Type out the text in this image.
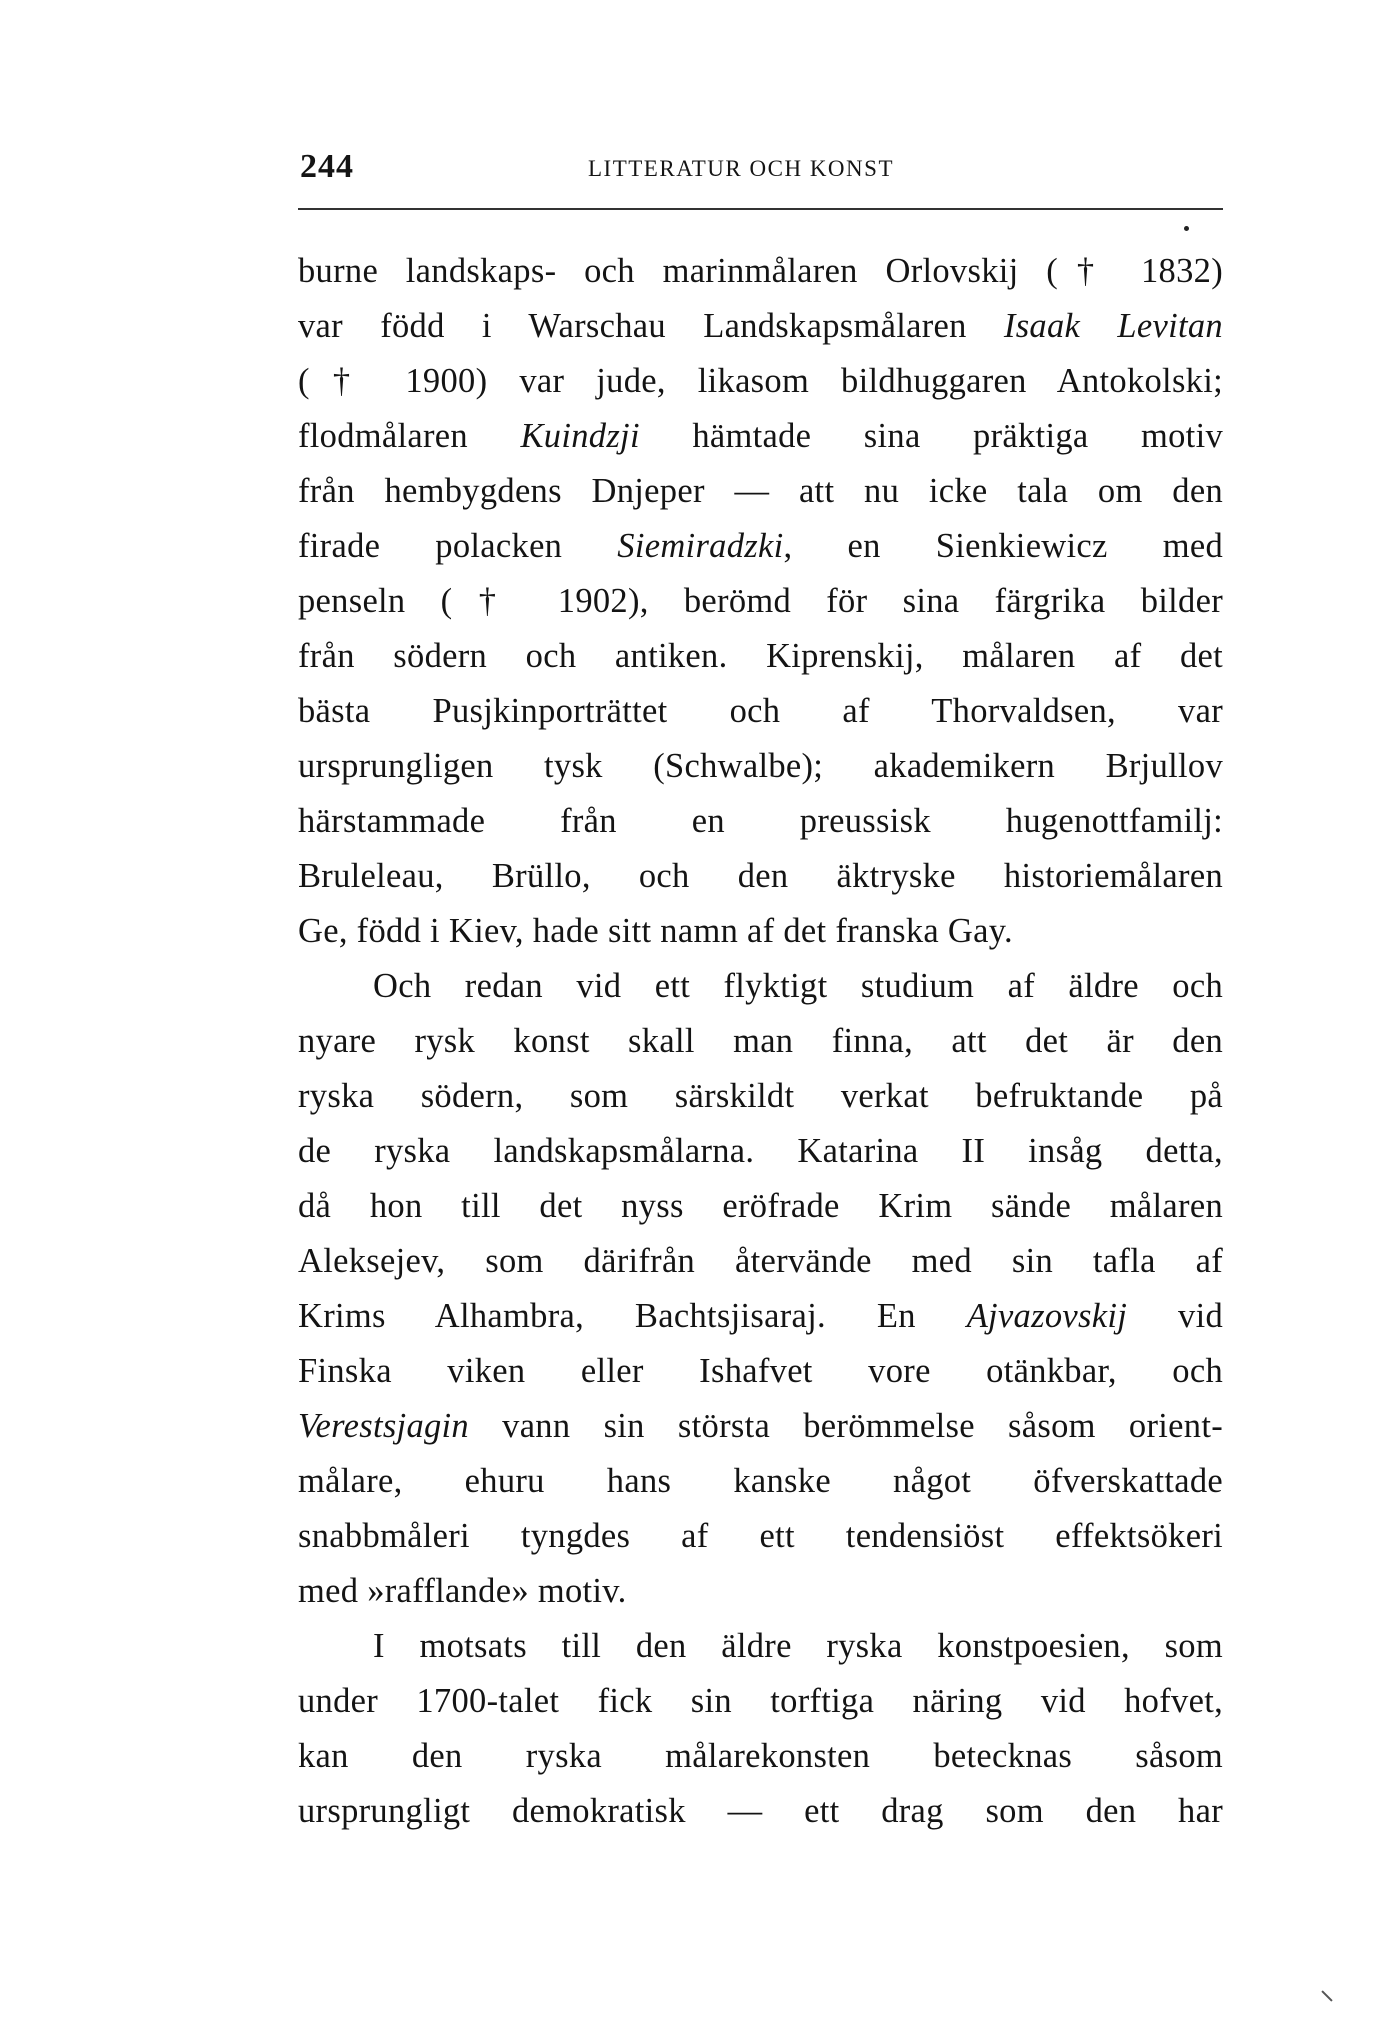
244	LITTERATUR OCH KONST
burne landskaps- och marinmålaren Orlovskij († 1832)
var född i Warschau Landskapsmålaren Isaak Levitan
(† 1900) var jude, likasom bildhuggaren Antokolski;
flodmålaren Kuindzji hämtade sina präktiga motiv
från hembygdens Dnjeper — att nu icke tala om den
firade polacken Siemiradzki, en Sienkiewicz med
penseln († 1902), berömd för sina färgrika bilder
från södern och antiken. Kiprenskij, målaren af det
bästa Pusjkinporträttet och af Thorvaldsen, var
ursprungligen tysk (Schwalbe); akademikern Brjullov
härstammade från en preussisk hugenottfamilj:
Bruleleau, Brüllo, och den äktryske historiemålaren
Ge, född i Kiev, hade sitt namn af det franska Gay.
Och redan vid ett flyktigt studium af äldre och
nyare rysk konst skall man finna, att det är den
ryska södern, som särskildt verkat befruktande på
de ryska landskapsmålarna. Katarina II insåg detta,
då hon till det nyss eröfrade Krim sände målaren
Aleksejev, som därifrån återvände med sin tafla af
Krims Alhambra, Bachtsjisaraj. En Ajvazovskij vid
Finska viken eller Ishafvet vore otänkbar, och
Verestsjagin vann sin största berömmelse såsom orient-
målare, ehuru hans kanske något öfverskattade
snabbmåleri tyngdes af ett tendensiöst effektsökeri
med »rafflande» motiv.
I motsats till den äldre ryska konstpoesien, som
under 1700-talet fick sin torftiga näring vid hofvet,
kan den ryska målarekonsten betecknas såsom
ursprungligt demokratisk — ett drag som den har
